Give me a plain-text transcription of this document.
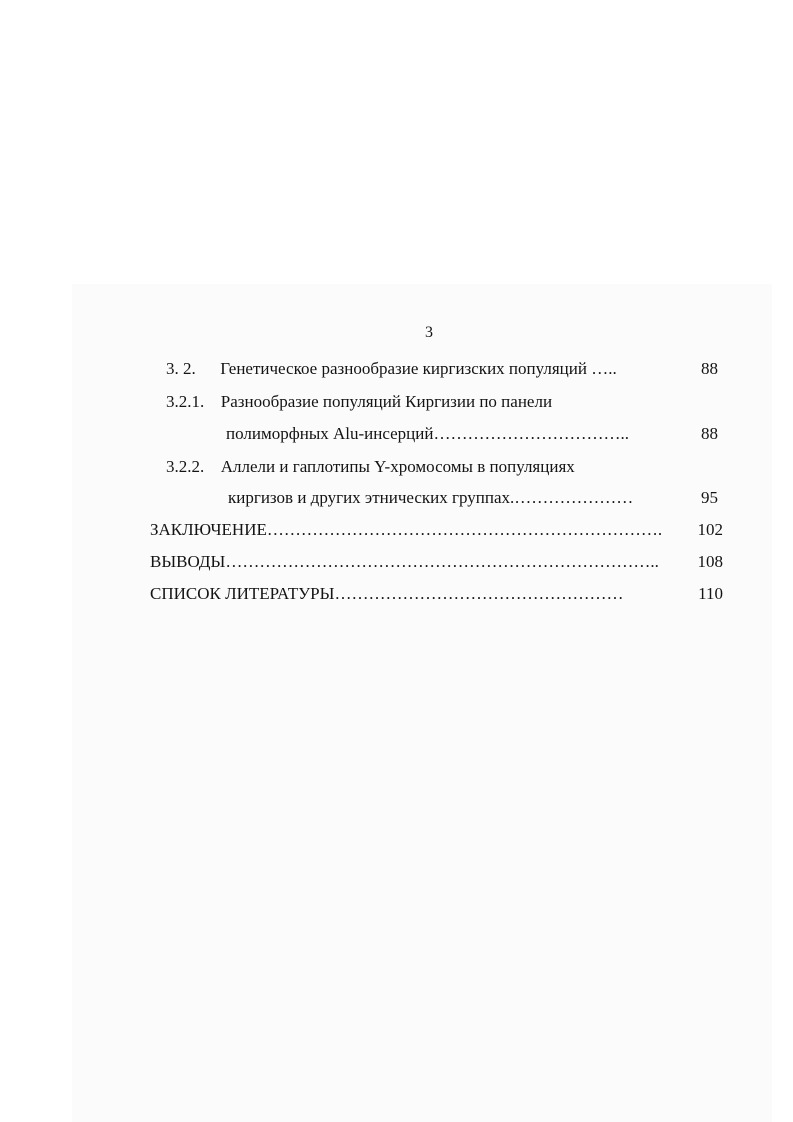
3
3. 2. Генетическое разнообразие киргизских популяций …..	88
3.2.1. Разнообразие популяций Киргизии по панели
полиморфных Alu-инсерций……………………………..	88
3.2.2. Аллели и гаплотипы Y-хромосомы в популяциях
киргизов и других этнических группах.…………………	95
ЗАКЛЮЧЕНИЕ…………………………………………………………….	102
ВЫВОДЫ…………………………………………………………………..	108
СПИСОК ЛИТЕРАТУРЫ……………………………………………	110
